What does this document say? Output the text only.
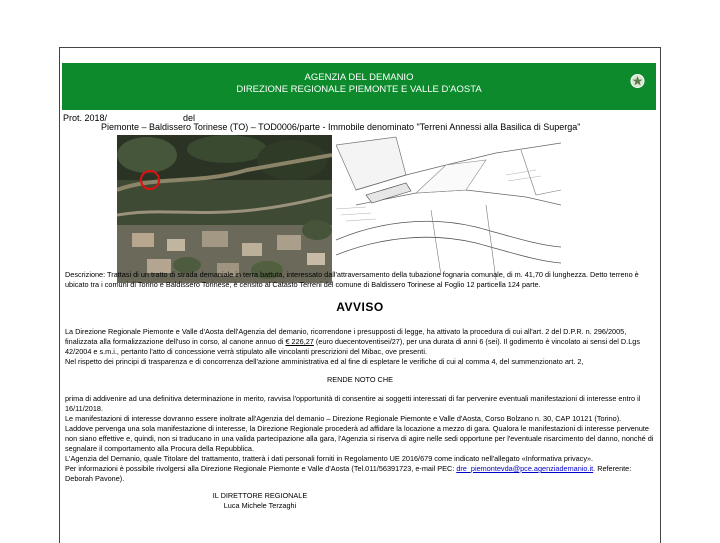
AGENZIA DEL DEMANIO
DIREZIONE REGIONALE PIEMONTE E VALLE D'AOSTA
Prot. 2018/	del
Piemonte – Baldissero Torinese (TO) – TOD0006/parte - Immobile denominato "Terreni Annessi alla Basilica di Superga"

Descrizione: Trattasi di un tratto di strada demaniale in terra battuta, interessato dall'attraversamento della tubazione fognaria comunale, di m. 41,70 di lunghezza. Detto terreno è ubicato tra i comuni di Torino e Baldissero Torinese, è censito al Catasto Terreni del comune di Baldissero Torinese al Foglio 12 particella 124 parte.

AVVISO

La Direzione Regionale Piemonte e Valle d'Aosta dell'Agenzia del demanio, ricorrendone i presupposti di legge, ha attivato la procedura di cui all'art. 2 del D.P.R. n. 296/2005, finalizzata alla formalizzazione dell'uso in corso, al canone annuo di € 226,27 (euro duecentoventisei/27), per una durata di anni 6 (sei). Il godimento è vincolato ai sensi del D.Lgs 42/2004 e s.m.i., pertanto l'atto di concessione verrà stipulato alle vincolanti prescrizioni del Mibac, ove presenti.

Nel rispetto dei principi di trasparenza e di concorrenza dell'azione amministrativa ed al fine di espletare le verifiche di cui al comma 4, del summenzionato art. 2,

RENDE NOTO CHE

prima di addivenire ad una definitiva determinazione in merito, ravvisa l'opportunità di consentire ai soggetti interessati di far pervenire eventuali manifestazioni di interesse entro il 16/11/2018.

Le manifestazioni di interesse dovranno essere inoltrate all'Agenzia del demanio – Direzione Regionale Piemonte e Valle d'Aosta, Corso Bolzano n. 30, CAP 10121 (Torino).

Laddove pervenga una sola manifestazione di interesse, la Direzione Regionale procederà ad affidare la locazione a mezzo di gara. Qualora le manifestazioni di interesse pervenute non siano effettive e, quindi, non si traducano in una valida partecipazione alla gara, l'Agenzia si riserva di agire nelle sedi opportune per l'eventuale risarcimento del danno, nonché di segnalare il comportamento alla Procura della Repubblica.

L'Agenzia del Demanio, quale Titolare del trattamento, tratterà i dati personali forniti in Regolamento UE 2016/679 come indicato nell'allegato «Informativa privacy».

Per informazioni è possibile rivolgersi alla Direzione Regionale Piemonte e Valle d'Aosta (Tel.011/56391723, e-mail PEC: dre_piemontevda@pce.agenziademanio.it. Referente: Deborah Pavone).

IL DIRETTORE REGIONALE
Luca Michele Terzaghi
